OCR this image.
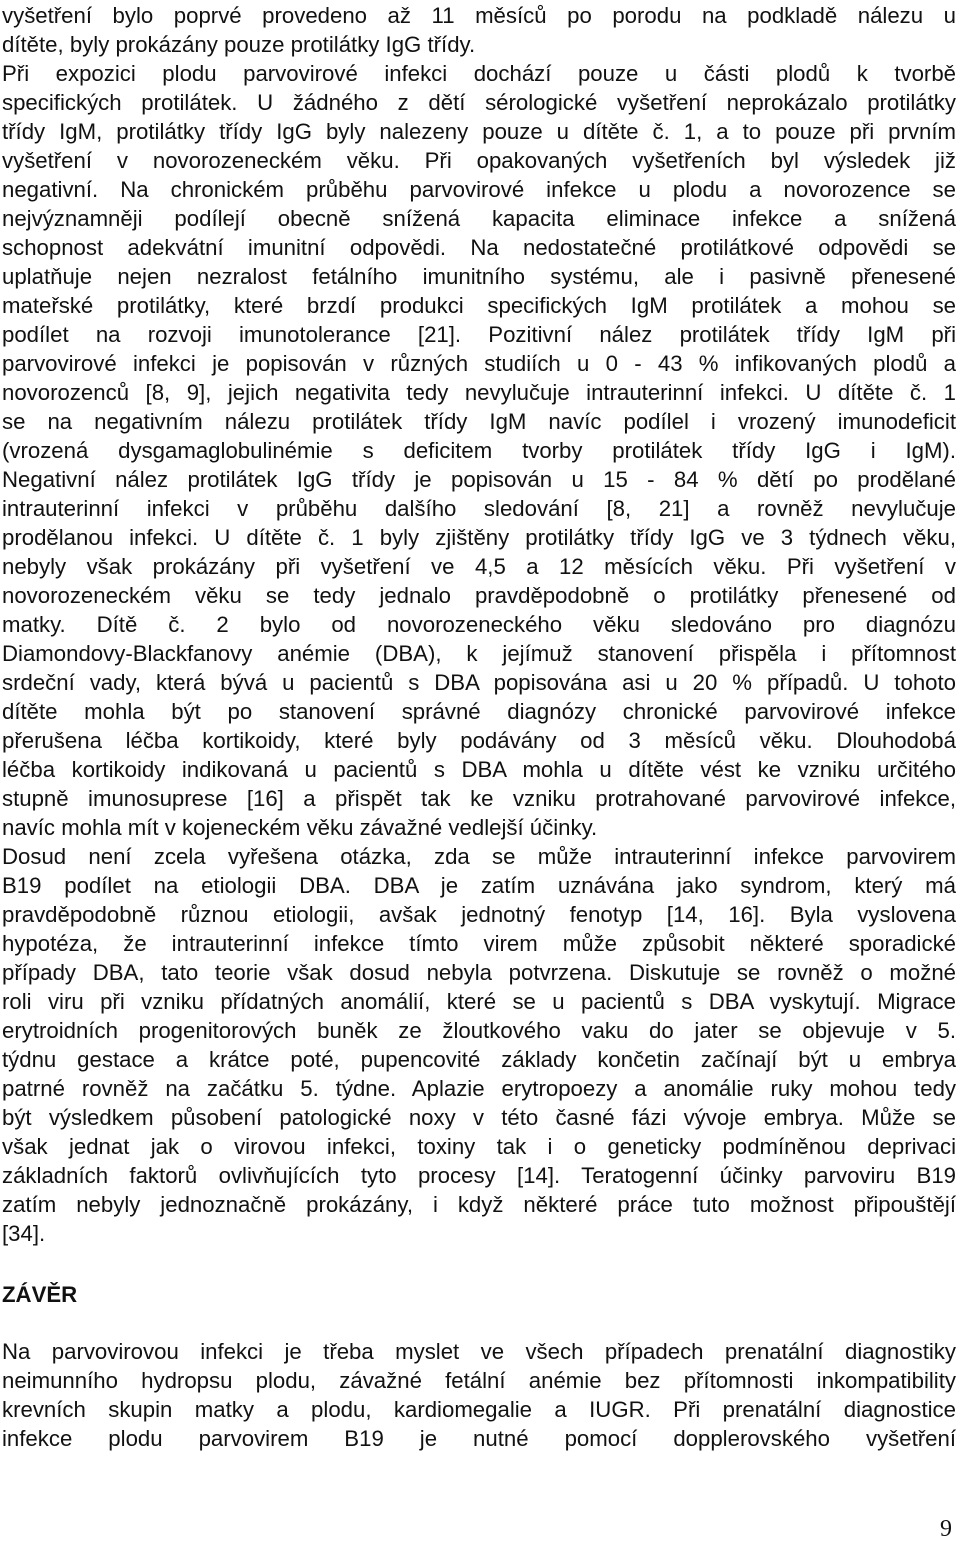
vyšetření bylo poprvé provedeno až 11 měsíců po porodu na podkladě nálezu u
dítěte, byly prokázány pouze protilátky IgG třídy.
Při expozici plodu parvovirové infekci dochází pouze u části plodů k tvorbě
specifických protilátek. U žádného z dětí sérologické vyšetření neprokázalo protilátky
třídy IgM, protilátky třídy IgG byly nalezeny pouze u dítěte č. 1, a to pouze při prvním
vyšetření v novorozeneckém věku. Při opakovaných vyšetřeních byl výsledek již
negativní. Na chronickém průběhu parvovirové infekce u plodu a novorozence se
nejvýznamněji podílejí obecně snížená kapacita eliminace infekce a snížená
schopnost adekvátní imunitní odpovědi. Na nedostatečné protilátkové odpovědi se
uplatňuje nejen nezralost fetálního imunitního systému, ale i pasivně přenesené
mateřské protilátky, které brzdí produkci specifických IgM protilátek a mohou se
podílet na rozvoji imunotolerance [21]. Pozitivní nález protilátek třídy IgM při
parvovirové infekci je popisován v různých studiích u 0 - 43 % infikovaných plodů a
novorozenců [8, 9], jejich negativita tedy nevylučuje intrauterinní infekci. U dítěte č. 1
se na negativním nálezu protilátek třídy IgM navíc podílel i vrozený imunodeficit
(vrozená dysgamaglobulinémie s deficitem tvorby protilátek třídy IgG i IgM).
Negativní nález protilátek IgG třídy je popisován u 15 - 84 % dětí po prodělané
intrauterinní infekci v průběhu dalšího sledování [8, 21] a rovněž nevylučuje
prodělanou infekci. U dítěte č. 1 byly zjištěny protilátky třídy IgG ve 3 týdnech věku,
nebyly však prokázány při vyšetření ve 4,5 a 12 měsících věku. Při vyšetření v
novorozeneckém věku se tedy jednalo pravděpodobně o protilátky přenesené od
matky. Dítě č. 2 bylo od novorozeneckého věku sledováno pro diagnózu
Diamondovy-Blackfanovy anémie (DBA), k jejímuž stanovení přispěla i přítomnost
srdeční vady, která bývá u pacientů s DBA popisována asi u 20 % případů. U tohoto
dítěte mohla být po stanovení správné diagnózy chronické parvovirové infekce
přerušena léčba kortikoidy, které byly podávány od 3 měsíců věku. Dlouhodobá
léčba kortikoidy indikovaná u pacientů s DBA mohla u dítěte vést ke vzniku určitého
stupně imunosuprese [16] a přispět tak ke vzniku protrahované parvovirové infekce,
navíc mohla mít v kojeneckém věku závažné vedlejší účinky.
Dosud není zcela vyřešena otázka, zda se může intrauterinní infekce parvovirem
B19 podílet na etiologii DBA. DBA je zatím uznávána jako syndrom, který má
pravděpodobně různou etiologii, avšak jednotný fenotyp [14, 16]. Byla vyslovena
hypotéza, že intrauterinní infekce tímto virem může způsobit některé sporadické
případy DBA, tato teorie však dosud nebyla potvrzena. Diskutuje se rovněž o možné
roli viru při vzniku přídatných anomálií, které se u pacientů s DBA vyskytují. Migrace
erytroidních progenitorových buněk ze žloutkového vaku do jater se objevuje v 5.
týdnu gestace a krátce poté, pupencovité základy končetin začínají být u embrya
patrné rovněž na začátku 5. týdne. Aplazie erytropoezy a anomálie ruky mohou tedy
být výsledkem působení patologické noxy v této časné fázi vývoje embrya. Může se
však jednat jak o virovou infekci, toxiny tak i o geneticky podmíněnou deprivaci
základních faktorů ovlivňujících tyto procesy [14]. Teratogenní účinky parvoviru B19
zatím nebyly jednoznačně prokázány, i když některé práce tuto možnost připouštějí
[34].
ZÁVĚR
Na parvovirovou infekci je třeba myslet ve všech případech prenatální diagnostiky
neimunního hydropsu plodu, závažné fetální anémie bez přítomnosti inkompatibility
krevních skupin matky a plodu, kardiomegalie a IUGR. Při prenatální diagnostice
infekce plodu parvovirem B19 je nutné pomocí dopplerovského vyšetření
9
